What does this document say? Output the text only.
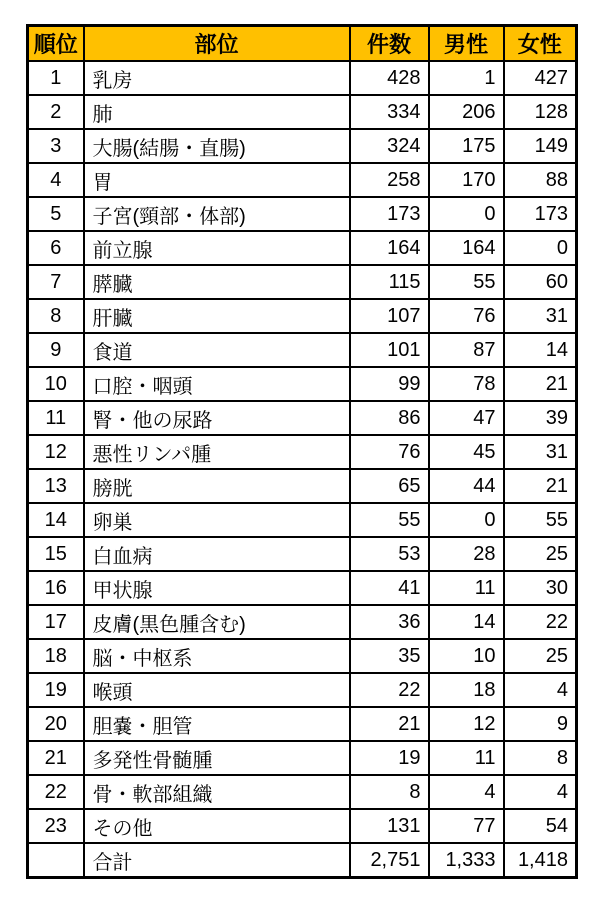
順位	部位	件数	男性	女性
1	乳房	428	1	427
2	肺	334	206	128
3	大腸(結腸・直腸)	324	175	149
4	胃	258	170	88
5	子宮(頸部・体部)	173	0	173
6	前立腺	164	164	0
7	膵臓	115	55	60
8	肝臓	107	76	31
9	食道	101	87	14
10	口腔・咽頭	99	78	21
11	腎・他の尿路	86	47	39
12	悪性リンパ腫	76	45	31
13	膀胱	65	44	21
14	卵巣	55	0	55
15	白血病	53	28	25
16	甲状腺	41	11	30
17	皮膚(黒色腫含む)	36	14	22
18	脳・中枢系	35	10	25
19	喉頭	22	18	4
20	胆嚢・胆管	21	12	9
21	多発性骨髄腫	19	11	8
22	骨・軟部組織	8	4	4
23	その他	131	77	54
	合計	2,751	1,333	1,418
